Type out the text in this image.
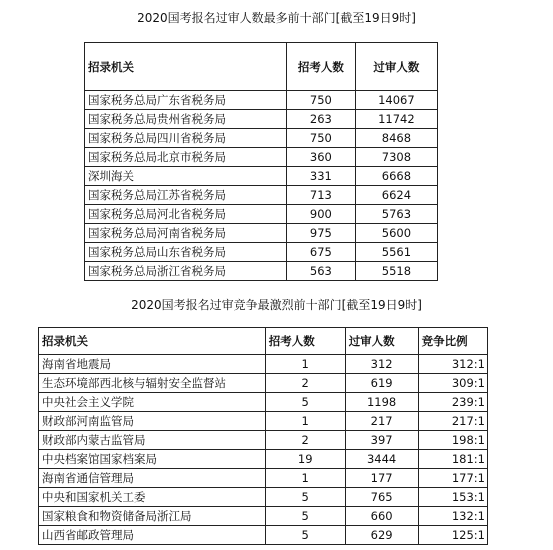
2020国考报名过审人数最多前十部门[截至19日9时]
招录机关	招考人数	过审人数
国家税务总局广东省税务局	750	14067
国家税务总局贵州省税务局	263	11742
国家税务总局四川省税务局	750	8468
国家税务总局北京市税务局	360	7308
深圳海关	331	6668
国家税务总局江苏省税务局	713	6624
国家税务总局河北省税务局	900	5763
国家税务总局河南省税务局	975	5600
国家税务总局山东省税务局	675	5561
国家税务总局浙江省税务局	563	5518
2020国考报名过审竞争最激烈前十部门[截至19日9时]
招录机关	招考人数	过审人数	竞争比例
海南省地震局	1	312	312:1
生态环境部西北核与辐射安全监督站	2	619	309:1
中央社会主义学院	5	1198	239:1
财政部河南监管局	1	217	217:1
财政部内蒙古监管局	2	397	198:1
中央档案馆国家档案局	19	3444	181:1
海南省通信管理局	1	177	177:1
中央和国家机关工委	5	765	153:1
国家粮食和物资储备局浙江局	5	660	132:1
山西省邮政管理局	5	629	125:1
